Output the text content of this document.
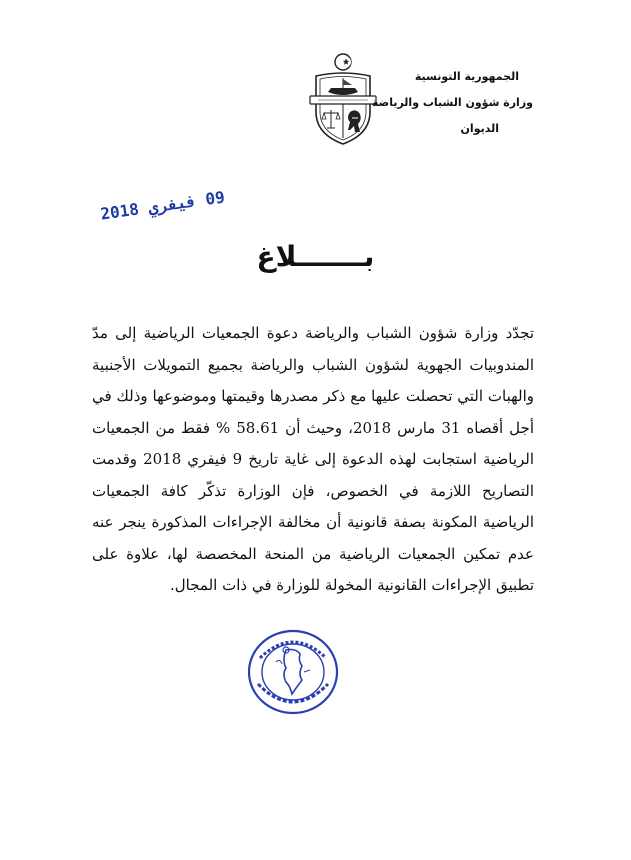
الجمهورية التونسية
وزارة شؤون الشباب والرياضة
الديوان
09 فيفري 2018
بـــــــلاغ

تجدّد وزارة شؤون الشباب والرياضة دعوة الجمعيات الرياضية إلى مدّ المندوبيات الجهوية لشؤون الشباب والرياضة بجميع التمويلات الأجنبية والهبات التي تحصلت عليها مع ذكر مصدرها وقيمتها وموضوعها وذلك في أجل أقصاه 31 مارس 2018، وحيث أن 58.61 % فقط من الجمعيات الرياضية استجابت لهذه الدعوة إلى غاية تاريخ 9 فيفري 2018 وقدمت التصاريح اللازمة في الخصوص، فإن الوزارة تذكّر كافة الجمعيات الرياضية المكونة بصفة قانونية أن مخالفة الإجراءات المذكورة ينجر عنه عدم تمكين الجمعيات الرياضية من المنحة المخصصة لها، علاوة على تطبيق الإجراءات القانونية المخولة للوزارة في ذات المجال.
